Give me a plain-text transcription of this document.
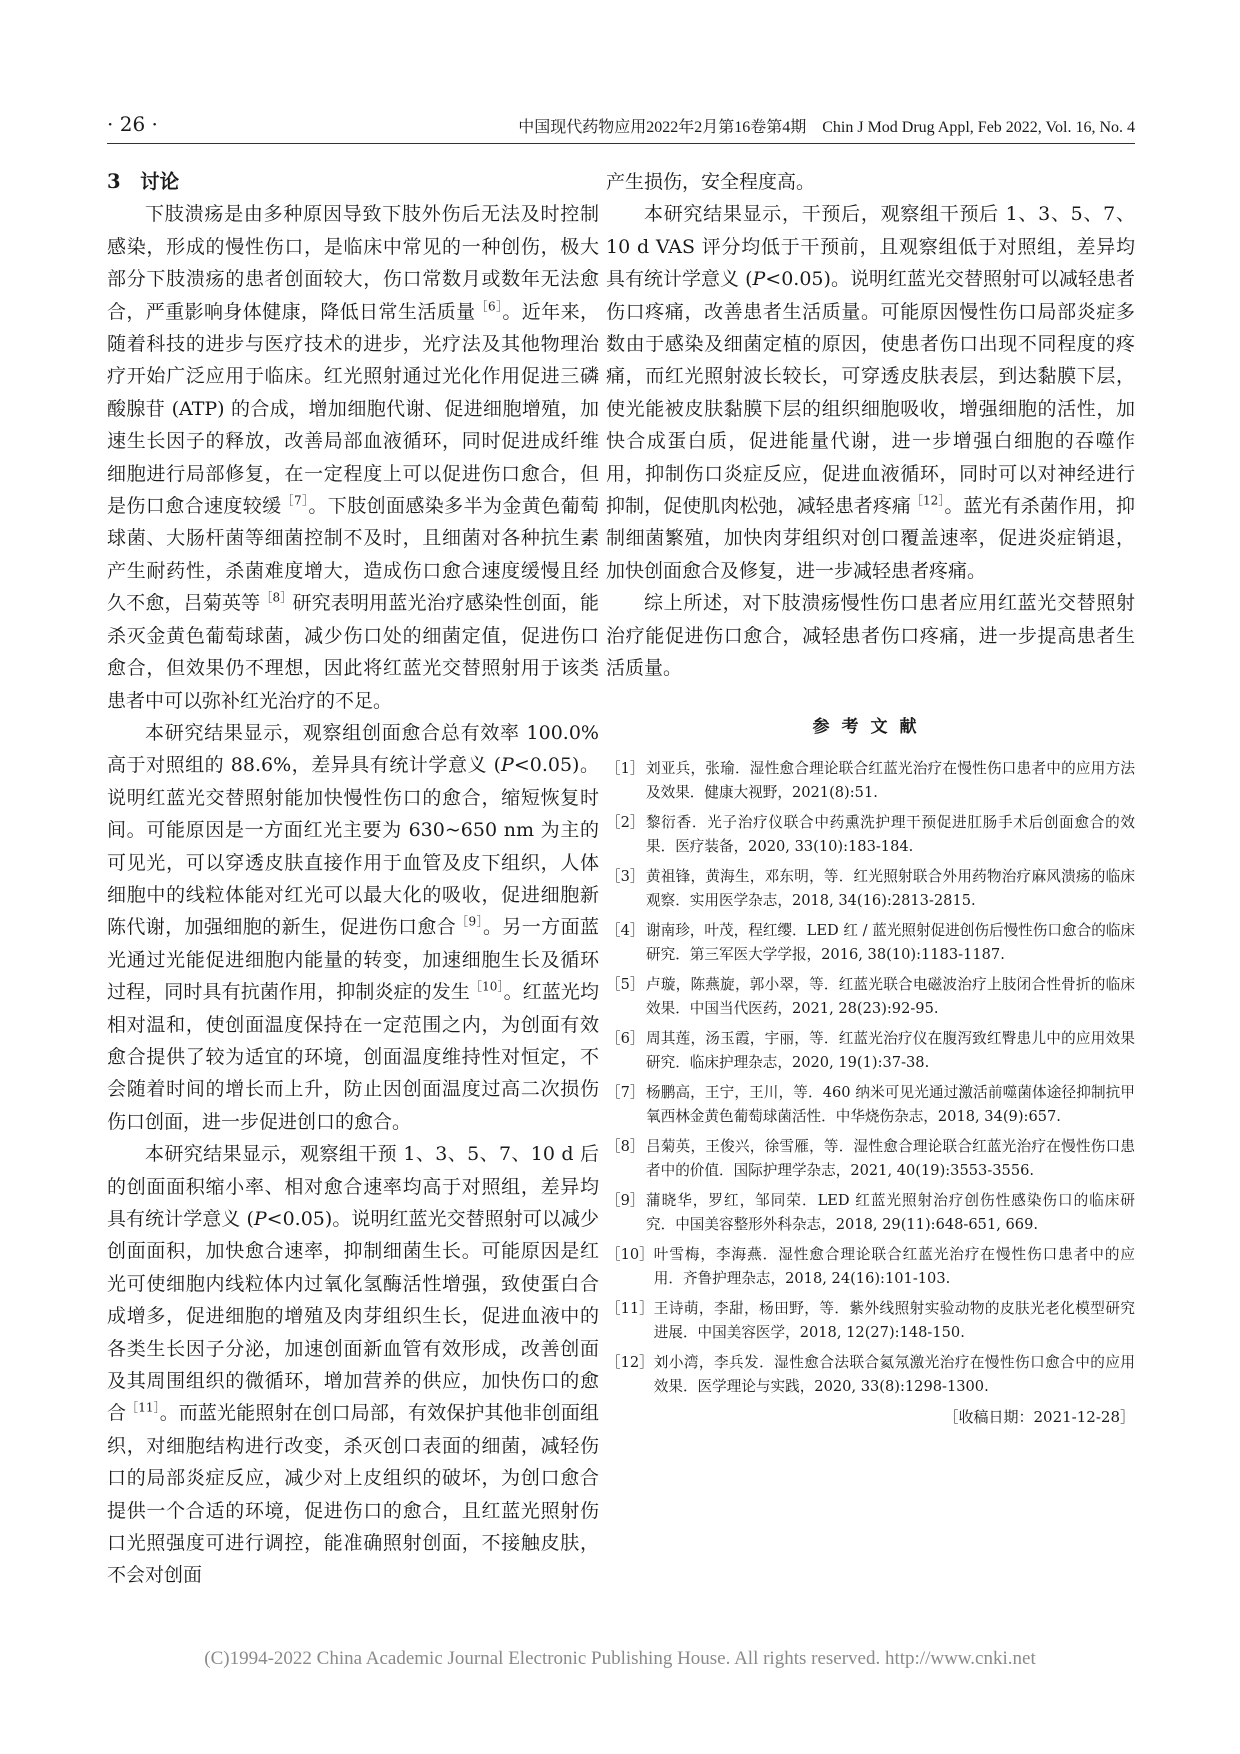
· 26 ·	中国现代药物应用2022年2月第16卷第4期　Chin J Mod Drug Appl, Feb 2022, Vol. 16, No. 4

3　讨论

下肢溃疡是由多种原因导致下肢外伤后无法及时控制感染，形成的慢性伤口，是临床中常见的一种创伤，极大部分下肢溃疡的患者创面较大，伤口常数月或数年无法愈合，严重影响身体健康，降低日常生活质量$^{[6]}$。近年来，随着科技的进步与医疗技术的进步，光疗法及其他物理治疗开始广泛应用于临床。红光照射通过光化作用促进三磷酸腺苷 (ATP) 的合成，增加细胞代谢、促进细胞增殖，加速生长因子的释放，改善局部血液循环，同时促进成纤维细胞进行局部修复，在一定程度上可以促进伤口愈合，但是伤口愈合速度较缓$^{[7]}$。下肢创面感染多半为金黄色葡萄球菌、大肠杆菌等细菌控制不及时，且细菌对各种抗生素产生耐药性，杀菌难度增大，造成伤口愈合速度缓慢且经久不愈，吕菊英等$^{[8]}$研究表明用蓝光治疗感染性创面，能杀灭金黄色葡萄球菌，减少伤口处的细菌定值，促进伤口愈合，但效果仍不理想，因此将红蓝光交替照射用于该类患者中可以弥补红光治疗的不足。

本研究结果显示，观察组创面愈合总有效率 100.0% 高于对照组的 88.6%，差异具有统计学意义 (P<0.05)。说明红蓝光交替照射能加快慢性伤口的愈合，缩短恢复时间。可能原因是一方面红光主要为 630~650 nm 为主的可见光，可以穿透皮肤直接作用于血管及皮下组织，人体细胞中的线粒体能对红光可以最大化的吸收，促进细胞新陈代谢，加强细胞的新生，促进伤口愈合$^{[9]}$。另一方面蓝光通过光能促进细胞内能量的转变，加速细胞生长及循环过程，同时具有抗菌作用，抑制炎症的发生$^{[10]}$。红蓝光均相对温和，使创面温度保持在一定范围之内，为创面有效愈合提供了较为适宜的环境，创面温度维持性对恒定，不会随着时间的增长而上升，防止因创面温度过高二次损伤伤口创面，进一步促进创口的愈合。

本研究结果显示，观察组干预 1、3、5、7、10 d 后的创面面积缩小率、相对愈合速率均高于对照组，差异均具有统计学意义 (P<0.05)。说明红蓝光交替照射可以减少创面面积，加快愈合速率，抑制细菌生长。可能原因是红光可使细胞内线粒体内过氧化氢酶活性增强，致使蛋白合成增多，促进细胞的增殖及肉芽组织生长，促进血液中的各类生长因子分泌，加速创面新血管有效形成，改善创面及其周围组织的微循环，增加营养的供应，加快伤口的愈合$^{[11]}$。而蓝光能照射在创口局部，有效保护其他非创面组织，对细胞结构进行改变，杀灭创口表面的细菌，减轻伤口的局部炎症反应，减少对上皮组织的破坏，为创口愈合提供一个合适的环境，促进伤口的愈合，且红蓝光照射伤口光照强度可进行调控，能准确照射创面，不接触皮肤，不会对创面

产生损伤，安全程度高。

本研究结果显示，干预后，观察组干预后 1、3、5、7、10 d VAS 评分均低于干预前，且观察组低于对照组，差异均具有统计学意义 (P<0.05)。说明红蓝光交替照射可以减轻患者伤口疼痛，改善患者生活质量。可能原因慢性伤口局部炎症多数由于感染及细菌定植的原因，使患者伤口出现不同程度的疼痛，而红光照射波长较长，可穿透皮肤表层，到达黏膜下层，使光能被皮肤黏膜下层的组织细胞吸收，增强细胞的活性，加快合成蛋白质，促进能量代谢，进一步增强白细胞的吞噬作用，抑制伤口炎症反应，促进血液循环，同时可以对神经进行抑制，促使肌肉松弛，减轻患者疼痛$^{[12]}$。蓝光有杀菌作用，抑制细菌繁殖，加快肉芽组织对创口覆盖速率，促进炎症销退，加快创面愈合及修复，进一步减轻患者疼痛。

综上所述，对下肢溃疡慢性伤口患者应用红蓝光交替照射治疗能促进伤口愈合，减轻患者伤口疼痛，进一步提高患者生活质量。

参考文献
［1］ 刘亚兵，张瑜．湿性愈合理论联合红蓝光治疗在慢性伤口患者中的应用方法及效果．健康大视野，2021(8):51.
［2］ 黎衍香．光子治疗仪联合中药熏洗护理干预促进肛肠手术后创面愈合的效果．医疗装备，2020, 33(10):183-184.
［3］ 黄祖锋，黄海生，邓东明，等．红光照射联合外用药物治疗麻风溃疡的临床观察．实用医学杂志，2018, 34(16):2813-2815.
［4］ 谢南珍，叶茂，程红缨．LED 红 / 蓝光照射促进创伤后慢性伤口愈合的临床研究．第三军医大学学报，2016, 38(10):1183-1187.
［5］ 卢璇，陈燕旋，郭小翠，等．红蓝光联合电磁波治疗上肢闭合性骨折的临床效果．中国当代医药，2021, 28(23):92-95.
［6］ 周其莲，汤玉霞，宇丽，等．红蓝光治疗仪在腹泻致红臀患儿中的应用效果研究．临床护理杂志，2020, 19(1):37-38.
［7］ 杨鹏高，王宁，王川，等．460 纳米可见光通过激活前噬菌体途径抑制抗甲氧西林金黄色葡萄球菌活性．中华烧伤杂志，2018, 34(9):657.
［8］ 吕菊英，王俊兴，徐雪雁，等．湿性愈合理论联合红蓝光治疗在慢性伤口患者中的价值．国际护理学杂志，2021, 40(19):3553-3556.
［9］ 蒲晓华，罗红，邹同荣．LED 红蓝光照射治疗创伤性感染伤口的临床研究．中国美容整形外科杂志，2018, 29(11):648-651, 669.
［10］ 叶雪梅，李海燕．湿性愈合理论联合红蓝光治疗在慢性伤口患者中的应用．齐鲁护理杂志，2018, 24(16):101-103.
［11］ 王诗萌，李甜，杨田野，等．紫外线照射实验动物的皮肤光老化模型研究进展．中国美容医学，2018, 12(27):148-150.
［12］ 刘小湾，李兵发．湿性愈合法联合氦氖激光治疗在慢性伤口愈合中的应用效果．医学理论与实践，2020, 33(8):1298-1300.
［收稿日期：2021-12-28］
(C)1994-2022 China Academic Journal Electronic Publishing House. All rights reserved. http://www.cnki.net
